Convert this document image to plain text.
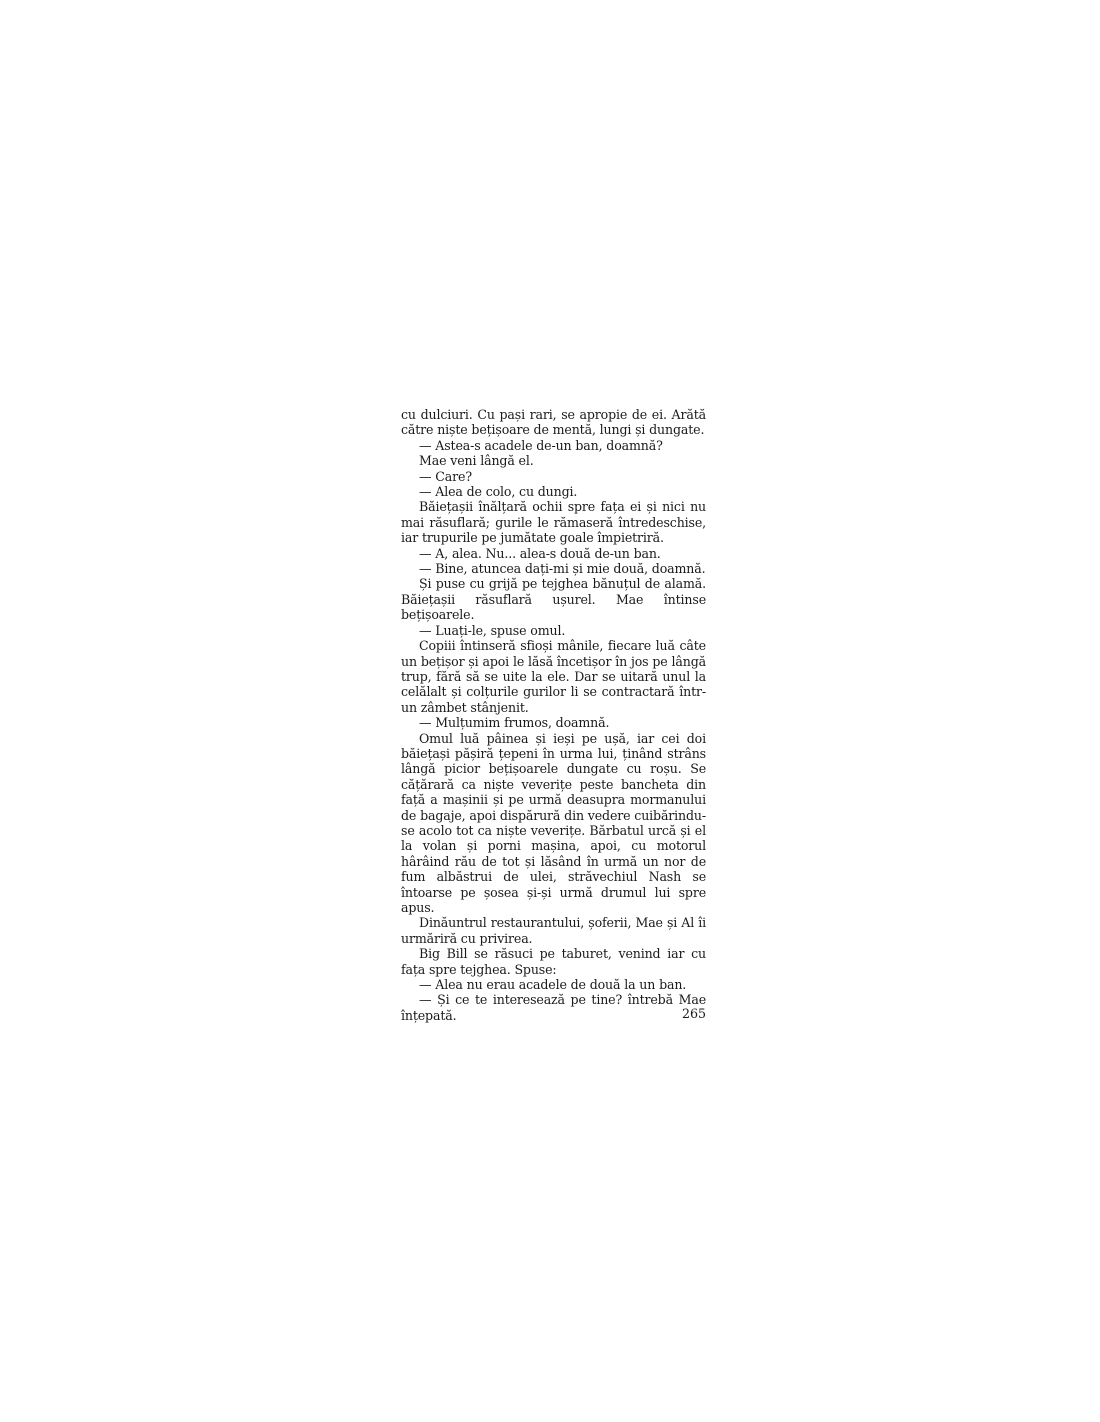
cu dulciuri. Cu pași rari, se apropie de ei. Arătă către niște bețișoare de mentă, lungi și dungate.

— Astea-s acadele de-un ban, doamnă?

Mae veni lângă el.

— Care?

— Alea de colo, cu dungi.

Băiețașii înălțară ochii spre fața ei și nici nu mai răsuflară; gurile le rămaseră întredeschise, iar trupurile pe jumătate goale împietriră.

— A, alea. Nu... alea-s două de-un ban.

— Bine, atuncea dați-mi și mie două, doamnă.

Și puse cu grijă pe tejghea bănuțul de alamă. Băiețașii răsuflară ușurel. Mae întinse bețișoarele.

— Luați-le, spuse omul.

Copiii întinseră sfioși mânile, fiecare luă câte un bețișor și apoi le lăsă încetișor în jos pe lângă trup, fără să se uite la ele. Dar se uitară unul la celălalt și colțurile gurilor li se contractară într-un zâmbet stânjenit.

— Mulțumim frumos, doamnă.

Omul luă pâinea și ieși pe ușă, iar cei doi băiețași pășiră țepeni în urma lui, ținând strâns lângă picior bețișoarele dungate cu roșu. Se cățărară ca niște veverițe peste bancheta din față a mașinii și pe urmă deasupra mormanului de bagaje, apoi dispărură din vedere cuibărindu-se acolo tot ca niște veverițe. Bărbatul urcă și el la volan și porni mașina, apoi, cu motorul hârâind rău de tot și lăsând în urmă un nor de fum albăstrui de ulei, străvechiul Nash se întoarse pe șosea și-și urmă drumul lui spre apus.

Dinăuntrul restaurantului, șoferii, Mae și Al îi urmăriră cu privirea.

Big Bill se răsuci pe taburet, venind iar cu fața spre tejghea. Spuse:

— Alea nu erau acadele de două la un ban.

— Și ce te interesează pe tine? întrebă Mae înțepată.	265
